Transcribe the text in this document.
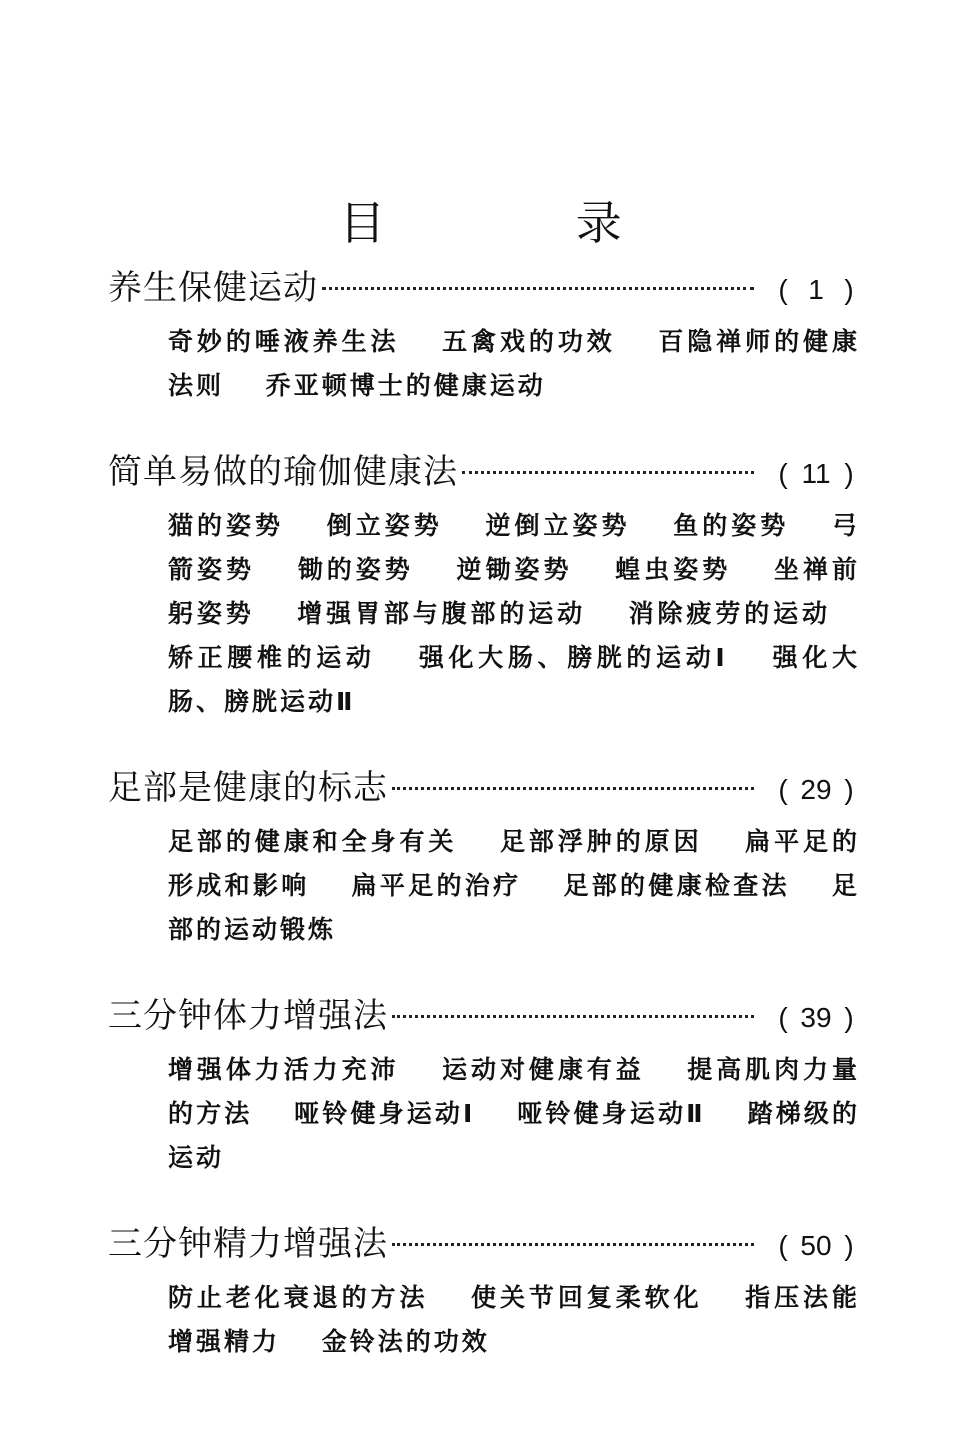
目 录
养生保健运动	( 1 )
奇妙的唾液养生法 五禽戏的功效 百隐禅师的健康法则 乔亚顿博士的健康运动
简单易做的瑜伽健康法	( 11 )
猫的姿势 倒立姿势 逆倒立姿势 鱼的姿势 弓箭姿势 锄的姿势 逆锄姿势 蝗虫姿势 坐禅前躬姿势 增强胃部与腹部的运动 消除疲劳的运动 矫正腰椎的运动 强化大肠、膀胱的运动Ⅰ 强化大肠、膀胱运动Ⅱ
足部是健康的标志	( 29 )
足部的健康和全身有关 足部浮肿的原因 扁平足的形成和影响 扁平足的治疗 足部的健康检查法 足部的运动锻炼
三分钟体力增强法	( 39 )
增强体力活力充沛 运动对健康有益 提高肌肉力量的方法 哑铃健身运动Ⅰ 哑铃健身运动Ⅱ 踏梯级的运动
三分钟精力增强法	( 50 )
防止老化衰退的方法 使关节回复柔软化 指压法能增强精力 金铃法的功效
